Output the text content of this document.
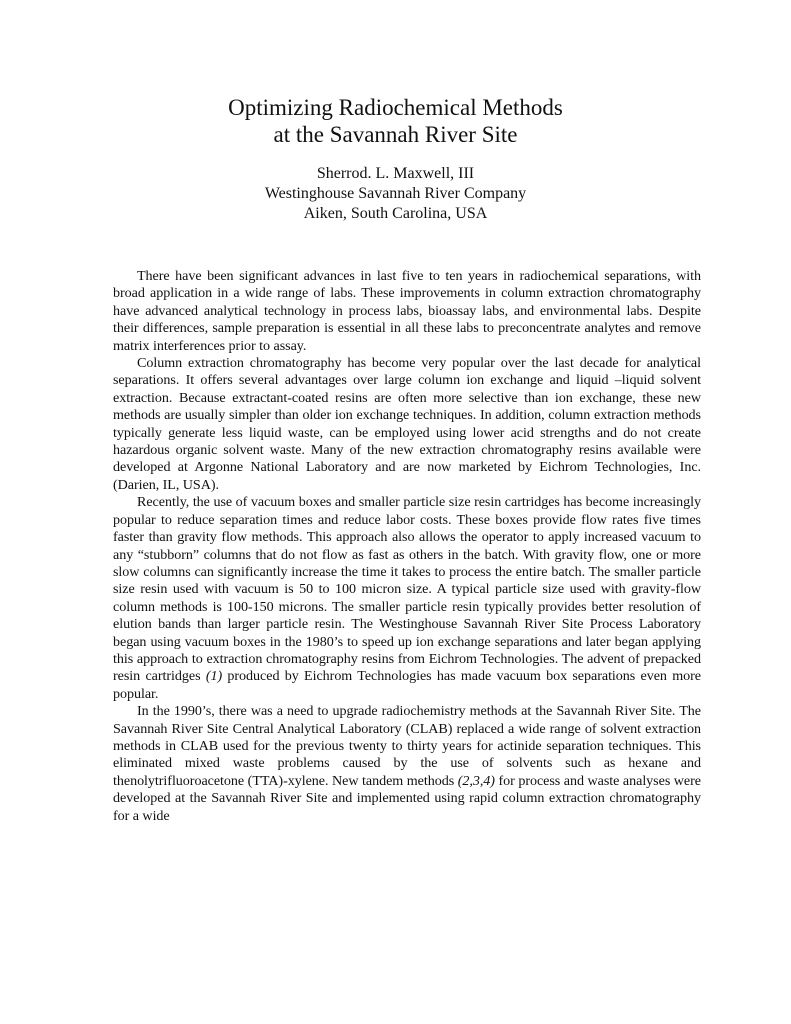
Optimizing Radiochemical Methods
at the Savannah River Site
Sherrod. L. Maxwell, III
Westinghouse Savannah River Company
Aiken, South Carolina, USA

There have been significant advances in last five to ten years in radiochemical separations, with broad application in a wide range of labs. These improvements in column extraction chromatography have advanced analytical technology in process labs, bioassay labs, and environmental labs. Despite their differences, sample preparation is essential in all these labs to preconcentrate analytes and remove matrix interferences prior to assay.

Column extraction chromatography has become very popular over the last decade for analytical separations. It offers several advantages over large column ion exchange and liquid –liquid solvent extraction. Because extractant-coated resins are often more selective than ion exchange, these new methods are usually simpler than older ion exchange techniques. In addition, column extraction methods typically generate less liquid waste, can be employed using lower acid strengths and do not create hazardous organic solvent waste. Many of the new extraction chromatography resins available were developed at Argonne National Laboratory and are now marketed by Eichrom Technologies, Inc. (Darien, IL, USA).

Recently, the use of vacuum boxes and smaller particle size resin cartridges has become increasingly popular to reduce separation times and reduce labor costs. These boxes provide flow rates five times faster than gravity flow methods. This approach also allows the operator to apply increased vacuum to any “stubborn” columns that do not flow as fast as others in the batch. With gravity flow, one or more slow columns can significantly increase the time it takes to process the entire batch. The smaller particle size resin used with vacuum is 50 to 100 micron size. A typical particle size used with gravity-flow column methods is 100-150 microns. The smaller particle resin typically provides better resolution of elution bands than larger particle resin. The Westinghouse Savannah River Site Process Laboratory began using vacuum boxes in the 1980’s to speed up ion exchange separations and later began applying this approach to extraction chromatography resins from Eichrom Technologies. The advent of prepacked resin cartridges (1) produced by Eichrom Technologies has made vacuum box separations even more popular.

In the 1990’s, there was a need to upgrade radiochemistry methods at the Savannah River Site. The Savannah River Site Central Analytical Laboratory (CLAB) replaced a wide range of solvent extraction methods in CLAB used for the previous twenty to thirty years for actinide separation techniques. This eliminated mixed waste problems caused by the use of solvents such as hexane and thenolytrifluoroacetone (TTA)-xylene. New tandem methods (2,3,4) for process and waste analyses were developed at the Savannah River Site and implemented using rapid column extraction chromatography for a wide
